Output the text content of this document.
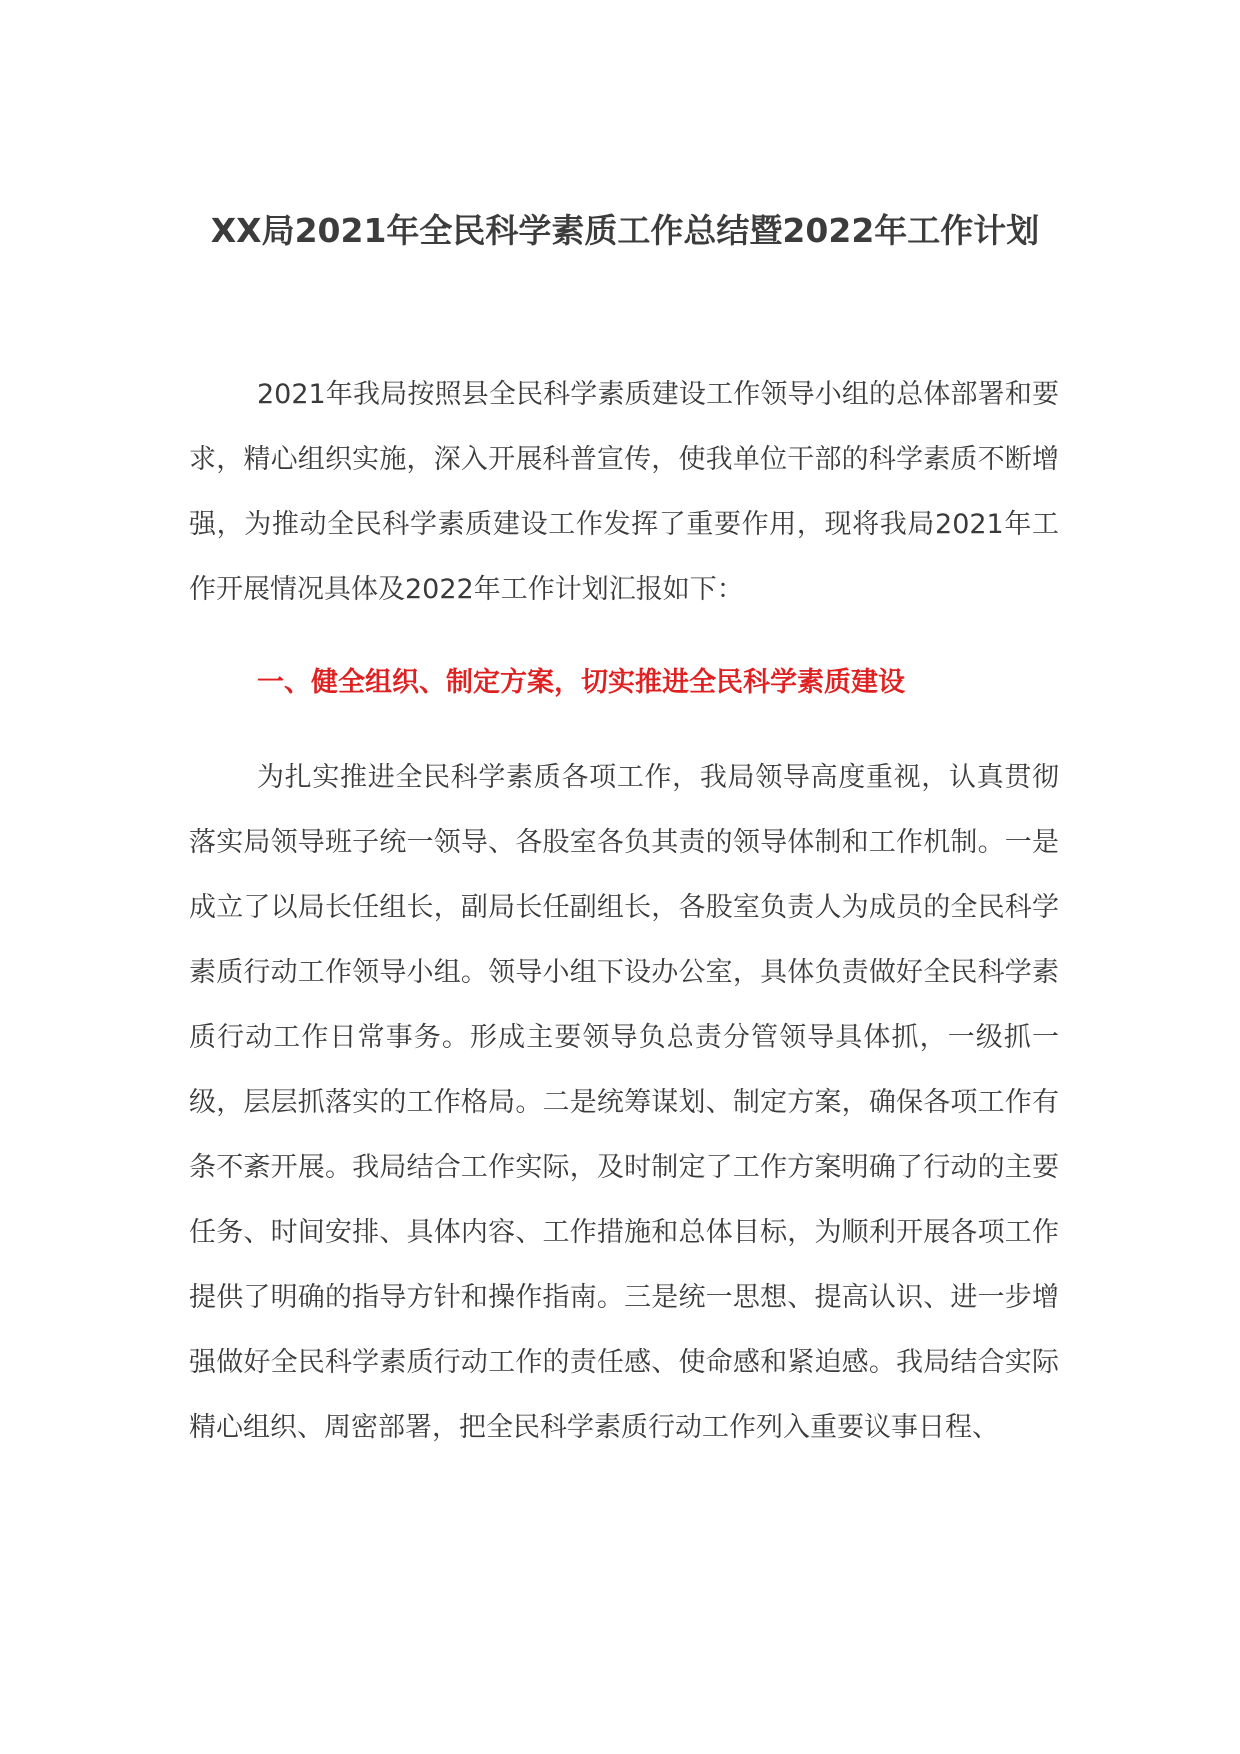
XX局2021年全民科学素质工作总结暨2022年工作计划

2021年我局按照县全民科学素质建设工作领导小组的总体部署和要求，精心组织实施，深入开展科普宣传，使我单位干部的科学素质不断增强，为推动全民科学素质建设工作发挥了重要作用，现将我局2021年工作开展情况具体及2022年工作计划汇报如下：

一、健全组织、制定方案，切实推进全民科学素质建设

为扎实推进全民科学素质各项工作，我局领导高度重视，认真贯彻落实局领导班子统一领导、各股室各负其责的领导体制和工作机制。一是成立了以局长任组长，副局长任副组长，各股室负责人为成员的全民科学素质行动工作领导小组。领导小组下设办公室，具体负责做好全民科学素质行动工作日常事务。形成主要领导负总责分管领导具体抓，一级抓一级，层层抓落实的工作格局。二是统筹谋划、制定方案，确保各项工作有条不紊开展。我局结合工作实际，及时制定了工作方案明确了行动的主要任务、时间安排、具体内容、工作措施和总体目标，为顺利开展各项工作提供了明确的指导方针和操作指南。三是统一思想、提高认识、进一步增强做好全民科学素质行动工作的责任感、使命感和紧迫感。我局结合实际精心组织、周密部署，把全民科学素质行动工作列入重要议事日程、
